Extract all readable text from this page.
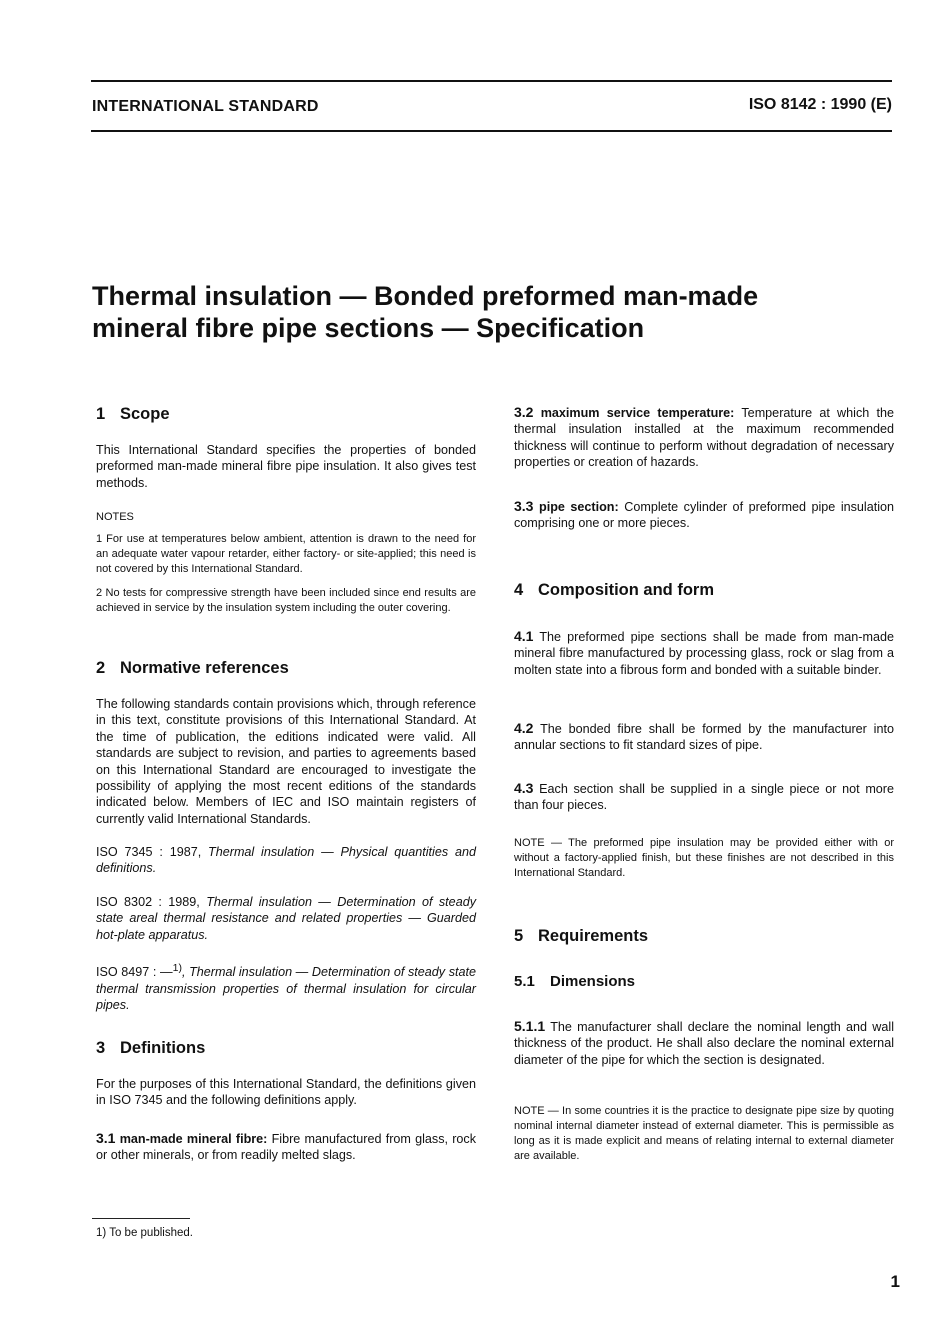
INTERNATIONAL STANDARD	ISO 8142 : 1990 (E)
Thermal insulation — Bonded preformed man-made
mineral fibre pipe sections — Specification
1 Scope
This International Standard specifies the properties of bonded preformed man-made mineral fibre pipe insulation. It also gives test methods.
NOTES
1 For use at temperatures below ambient, attention is drawn to the need for an adequate water vapour retarder, either factory- or site-applied; this need is not covered by this International Standard.
2 No tests for compressive strength have been included since end results are achieved in service by the insulation system including the outer covering.
2 Normative references
The following standards contain provisions which, through reference in this text, constitute provisions of this International Standard. At the time of publication, the editions indicated were valid. All standards are subject to revision, and parties to agreements based on this International Standard are encouraged to investigate the possibility of applying the most recent editions of the standards indicated below. Members of IEC and ISO maintain registers of currently valid International Standards.
ISO 7345 : 1987, Thermal insulation — Physical quantities and definitions.
ISO 8302 : 1989, Thermal insulation — Determination of steady state areal thermal resistance and related properties — Guarded hot-plate apparatus.
ISO 8497 : —$^{1)}$, Thermal insulation — Determination of steady state thermal transmission properties of thermal insulation for circular pipes.
3 Definitions
For the purposes of this International Standard, the definitions given in ISO 7345 and the following definitions apply.
3.1 man-made mineral fibre: Fibre manufactured from glass, rock or other minerals, or from readily melted slags.
3.2 maximum service temperature: Temperature at which the thermal insulation installed at the maximum recommended thickness will continue to perform without degradation of necessary properties or creation of hazards.
3.3 pipe section: Complete cylinder of preformed pipe insulation comprising one or more pieces.
4 Composition and form
4.1 The preformed pipe sections shall be made from man-made mineral fibre manufactured by processing glass, rock or slag from a molten state into a fibrous form and bonded with a suitable binder.
4.2 The bonded fibre shall be formed by the manufacturer into annular sections to fit standard sizes of pipe.
4.3 Each section shall be supplied in a single piece or not more than four pieces.
NOTE — The preformed pipe insulation may be provided either with or without a factory-applied finish, but these finishes are not described in this International Standard.
5 Requirements
5.1 Dimensions
5.1.1 The manufacturer shall declare the nominal length and wall thickness of the product. He shall also declare the nominal external diameter of the pipe for which the section is designated.
NOTE — In some countries it is the practice to designate pipe size by quoting nominal internal diameter instead of external diameter. This is permissible as long as it is made explicit and means of relating internal to external diameter are available.
1) To be published.
1
